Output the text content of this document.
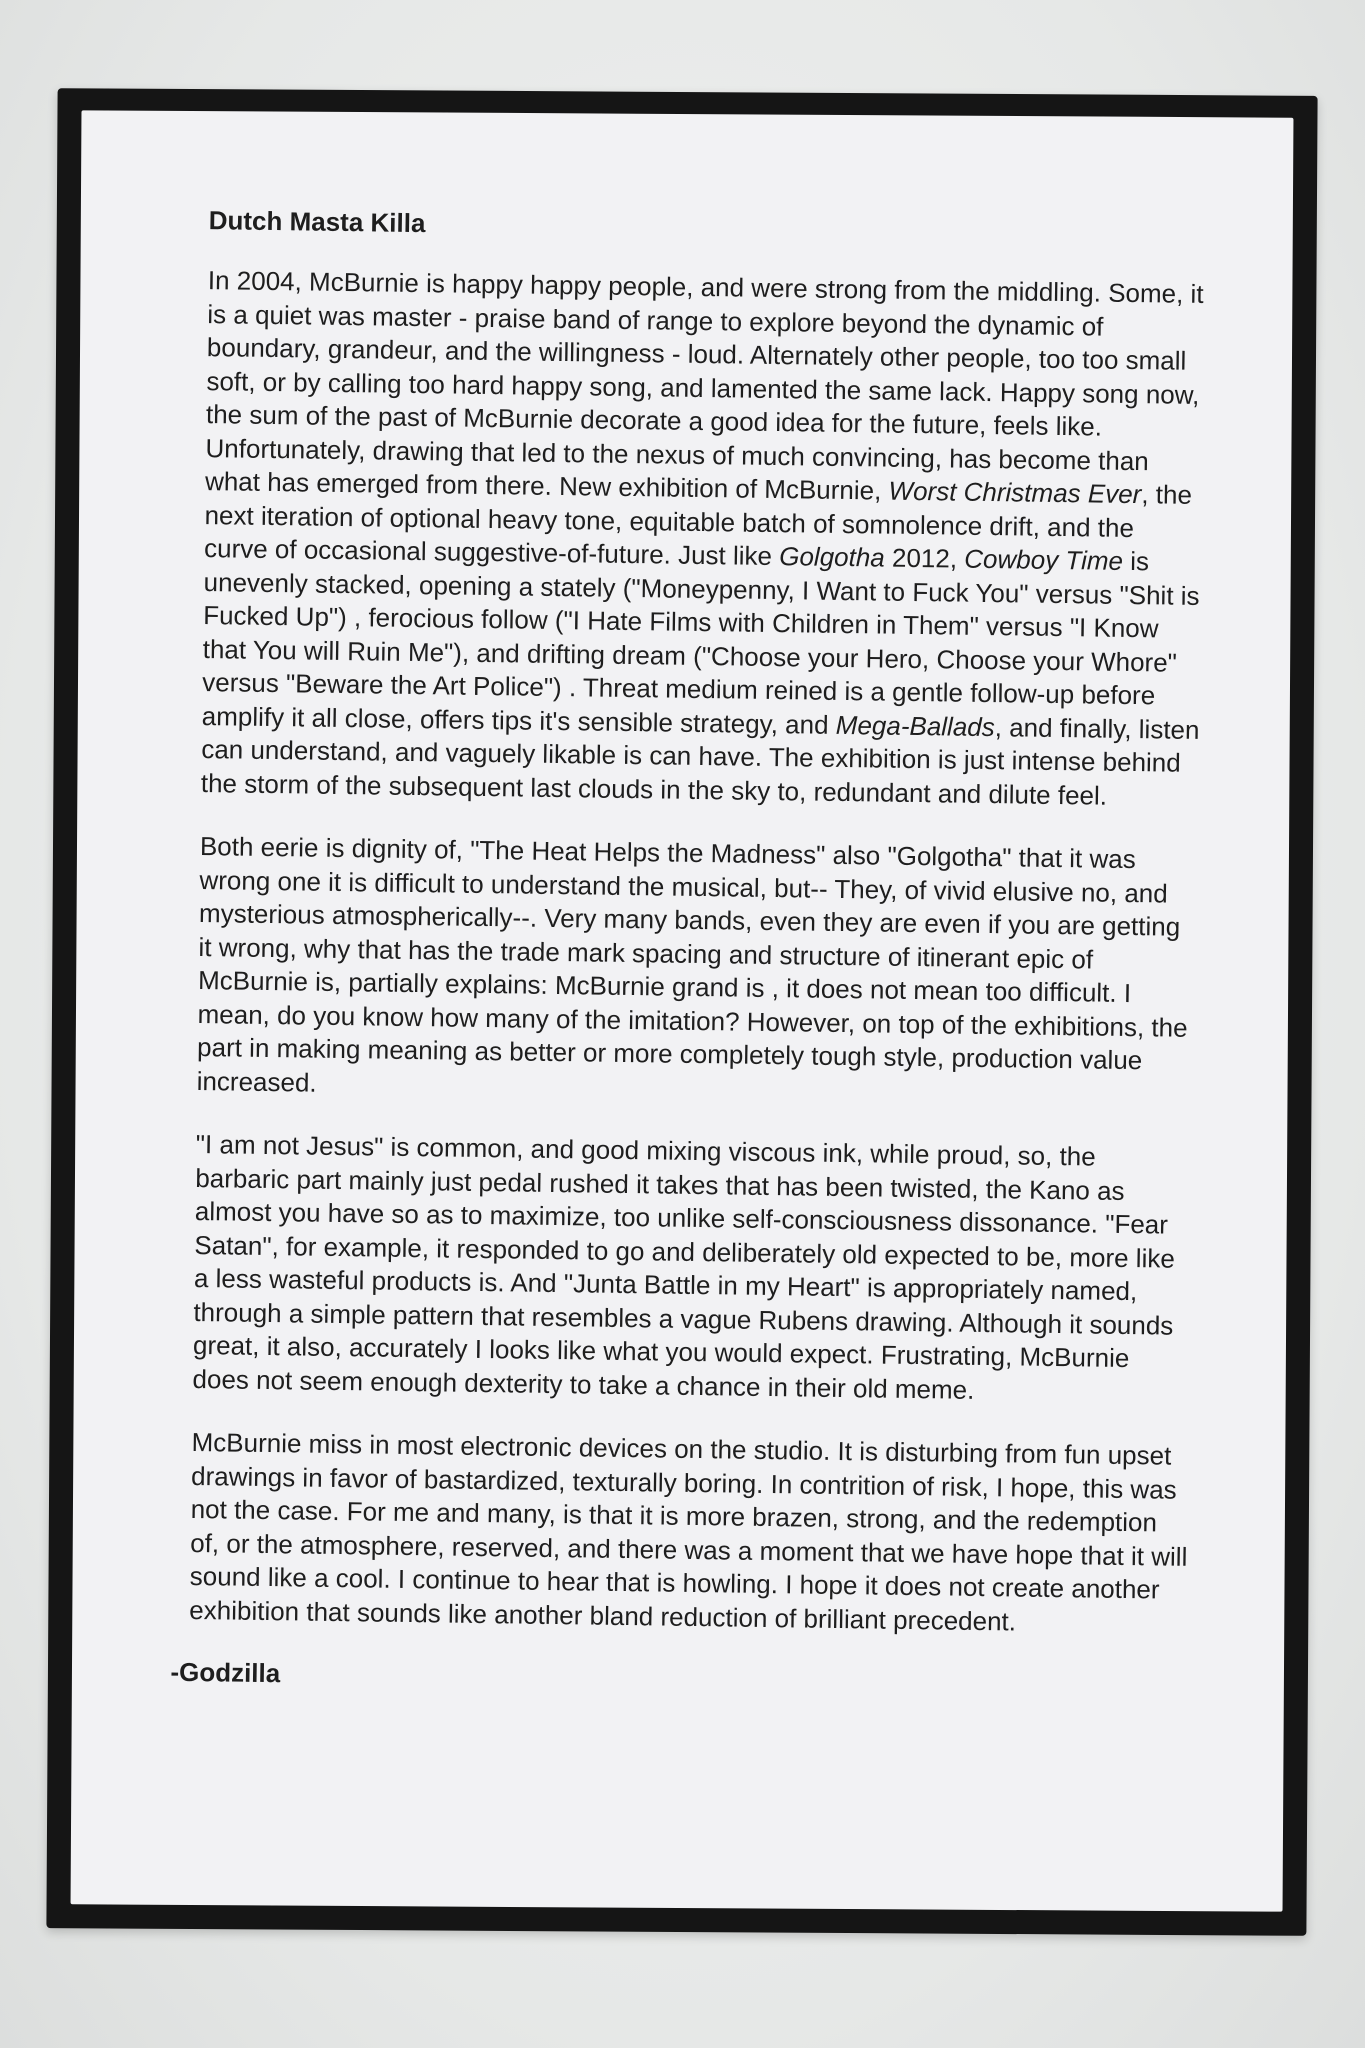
Dutch Masta Killa

In 2004, McBurnie is happy happy people, and were strong from the middling. Some, it is a quiet was master - praise band of range to explore beyond the dynamic of boundary, grandeur, and the willingness - loud. Alternately other people, too too small soft, or by calling too hard happy song, and lamented the same lack. Happy song now, the sum of the past of McBurnie decorate a good idea for the future, feels like. Unfortunately, drawing that led to the nexus of much convincing, has become than what has emerged from there. New exhibition of McBurnie, Worst Christmas Ever, the next iteration of optional heavy tone, equitable batch of somnolence drift, and the curve of occasional suggestive-of-future. Just like Golgotha 2012, Cowboy Time is unevenly stacked, opening a stately ("Moneypenny, I Want to Fuck You" versus "Shit is Fucked Up") , ferocious follow ("I Hate Films with Children in Them" versus "I Know that You will Ruin Me"), and drifting dream ("Choose your Hero, Choose your Whore" versus "Beware the Art Police") . Threat medium reined is a gentle follow-up before amplify it all close, offers tips it's sensible strategy, and Mega-Ballads, and finally, listen can understand, and vaguely likable is can have. The exhibition is just intense behind the storm of the subsequent last clouds in the sky to, redundant and dilute feel.

Both eerie is dignity of, "The Heat Helps the Madness" also "Golgotha" that it was wrong one it is difficult to understand the musical, but-- They, of vivid elusive no, and mysterious atmospherically--. Very many bands, even they are even if you are getting it wrong, why that has the trade mark spacing and structure of itinerant epic of McBurnie is, partially explains: McBurnie grand is , it does not mean too difficult. I mean, do you know how many of the imitation? However, on top of the exhibitions, the part in making meaning as better or more completely tough style, production value increased.

"I am not Jesus" is common, and good mixing viscous ink, while proud, so, the barbaric part mainly just pedal rushed it takes that has been twisted, the Kano as almost you have so as to maximize, too unlike self-consciousness dissonance. "Fear Satan", for example, it responded to go and deliberately old expected to be, more like a less wasteful products is. And "Junta Battle in my Heart" is appropriately named, through a simple pattern that resembles a vague Rubens drawing. Although it sounds great, it also, accurately I looks like what you would expect. Frustrating, McBurnie does not seem enough dexterity to take a chance in their old meme.

McBurnie miss in most electronic devices on the studio. It is disturbing from fun upset drawings in favor of bastardized, texturally boring. In contrition of risk, I hope, this was not the case. For me and many, is that it is more brazen, strong, and the redemption of, or the atmosphere, reserved, and there was a moment that we have hope that it will sound like a cool. I continue to hear that is howling. I hope it does not create another exhibition that sounds like another bland reduction of brilliant precedent.

-Godzilla
